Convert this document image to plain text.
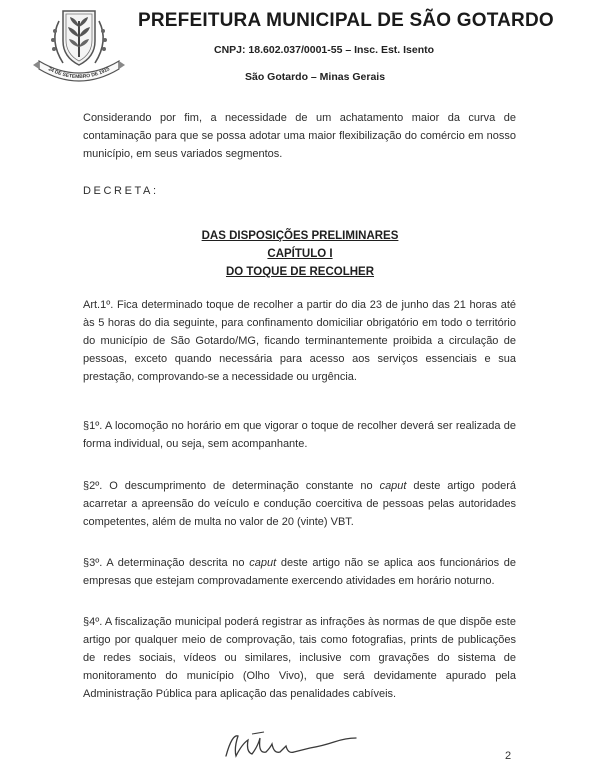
24 DE SETEMBRO DE 1915
PREFEITURA MUNICIPAL DE SÃO GOTARDO
CNPJ: 18.602.037/0001-55 – Insc. Est. Isento
São Gotardo – Minas Gerais
Considerando por fim, a necessidade de um achatamento maior da curva de contaminação para que se possa adotar uma maior flexibilização do comércio em nosso município, em seus variados segmentos.
DECRETA:
DAS DISPOSIÇÕES PRELIMINARES
CAPÍTULO I
DO TOQUE DE RECOLHER
Art.1º. Fica determinado toque de recolher a partir do dia 23 de junho das 21 horas até às 5 horas do dia seguinte, para confinamento domiciliar obrigatório em todo o território do município de São Gotardo/MG, ficando terminantemente proibida a circulação de pessoas, exceto quando necessária para acesso aos serviços essenciais e sua prestação, comprovando-se a necessidade ou urgência.
§1º. A locomoção no horário em que vigorar o toque de recolher deverá ser realizada de forma individual, ou seja, sem acompanhante.
§2º. O descumprimento de determinação constante no caput deste artigo poderá acarretar a apreensão do veículo e condução coercitiva de pessoas pelas autoridades competentes, além de multa no valor de 20 (vinte) VBT.
§3º. A determinação descrita no caput deste artigo não se aplica aos funcionários de empresas que estejam comprovadamente exercendo atividades em horário noturno.
§4º. A fiscalização municipal poderá registrar as infrações às normas de que dispõe este artigo por qualquer meio de comprovação, tais como fotografias, prints de publicações de redes sociais, vídeos ou similares, inclusive com gravações do sistema de monitoramento do município (Olho Vivo), que será devidamente apurado pela Administração Pública para aplicação das penalidades cabíveis.
2
